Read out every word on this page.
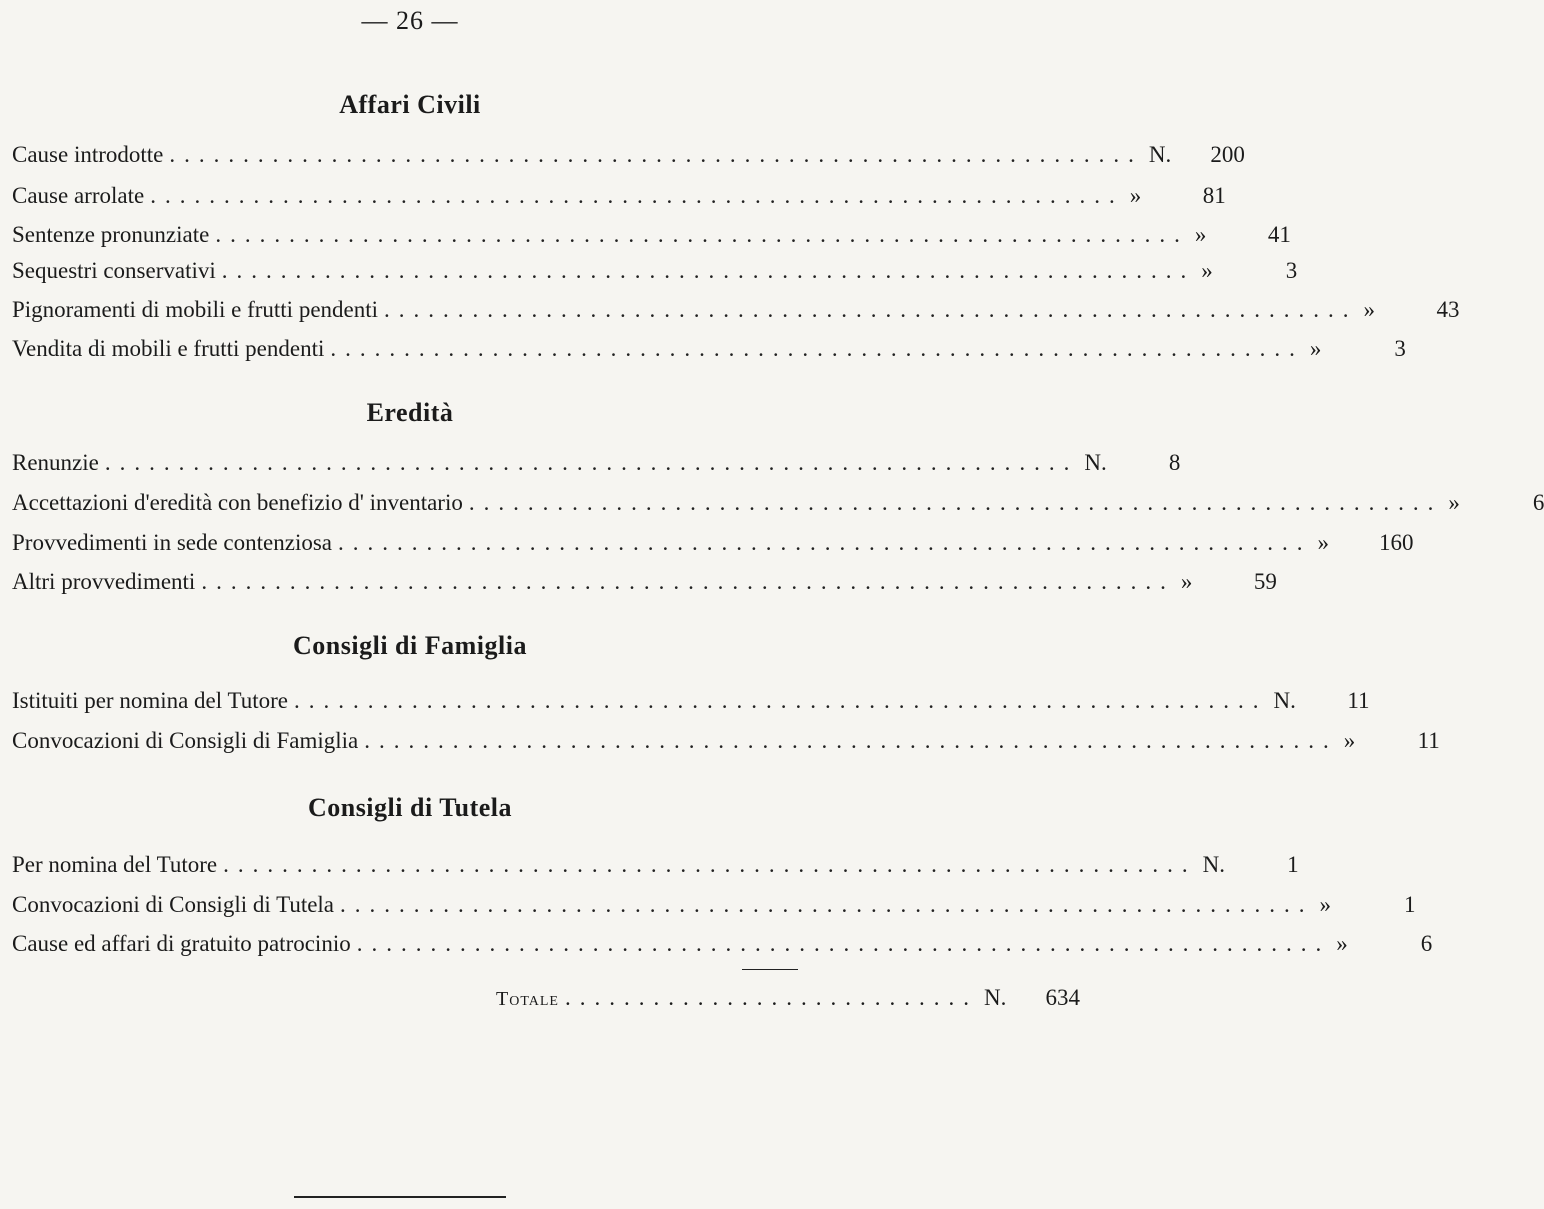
— 26 —
Affari Civili
Cause introdotte .................................................................. N.	200
Cause arrolate .................................................................. »	81
Sentenze pronunziate .................................................................. »	41
Sequestri conservativi .................................................................. »	3
Pignoramenti di mobili e frutti pendenti .................................................................. »	43
Vendita di mobili e frutti pendenti .................................................................. »	3
Eredità
Renunzie .................................................................. N.	8
Accettazioni d'eredità con benefizio d' inventario .................................................................. »	6
Provvedimenti in sede contenziosa .................................................................. »	160
Altri provvedimenti .................................................................. »	59
Consigli di Famiglia
Istituiti per nomina del Tutore .................................................................. N.	11
Convocazioni di Consigli di Famiglia .................................................................. »	11
Consigli di Tutela
Per nomina del Tutore .................................................................. N.	1
Convocazioni di Consigli di Tutela .................................................................. »	1
Cause ed affari di gratuito patrocinio .................................................................. »	6
Totale ............................ N.	634
